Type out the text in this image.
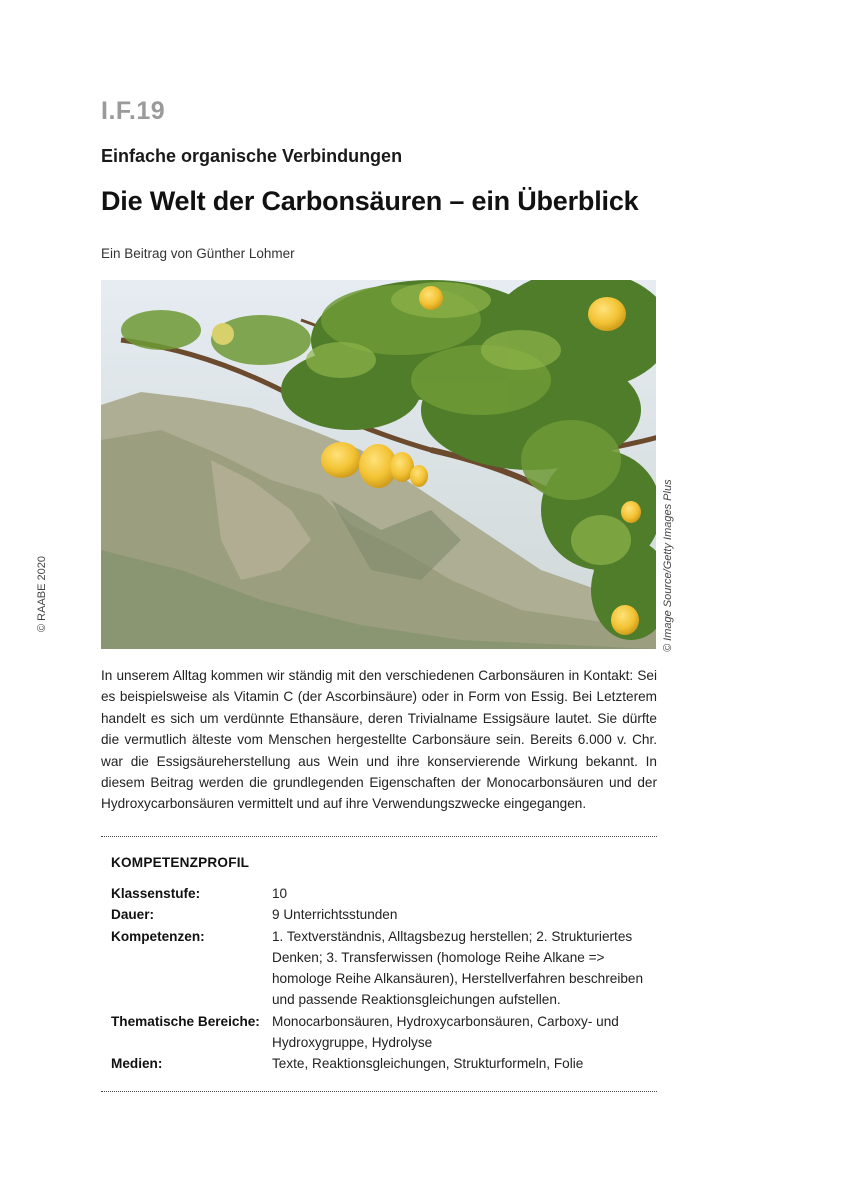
I.F.19
Einfache organische Verbindungen
Die Welt der Carbonsäuren – ein Überblick
Ein Beitrag von Günther Lohmer
© RAABE 2020	© Image Source/Getty Images Plus
In unserem Alltag kommen wir ständig mit den verschiedenen Carbonsäuren in Kontakt: Sei es beispielsweise als Vitamin C (der Ascorbinsäure) oder in Form von Essig. Bei Letzterem handelt es sich um verdünnte Ethansäure, deren Trivialname Essigsäure lautet. Sie dürfte die vermutlich älteste vom Menschen hergestellte Carbonsäure sein. Bereits 6.000 v. Chr. war die Essigsäureherstellung aus Wein und ihre konservierende Wirkung bekannt. In diesem Beitrag werden die grundlegenden Eigenschaften der Monocarbonsäuren und der Hydroxycarbonsäuren vermittelt und auf ihre Verwendungszwecke eingegangen.
KOMPETENZPROFIL
Klassenstufe:	10
Dauer:	9 Unterrichtsstunden
Kompetenzen:	1. Textverständnis, Alltagsbezug herstellen; 2. Strukturiertes Denken; 3. Transferwissen (homologe Reihe Alkane => homologe Reihe Alkansäuren), Herstellverfahren beschreiben und passende Reaktionsgleichungen aufstellen.
Thematische Bereiche: Monocarbonsäuren, Hydroxycarbonsäuren, Carboxy- und Hydroxygruppe, Hydrolyse
Medien:	Texte, Reaktionsgleichungen, Strukturformeln, Folie
